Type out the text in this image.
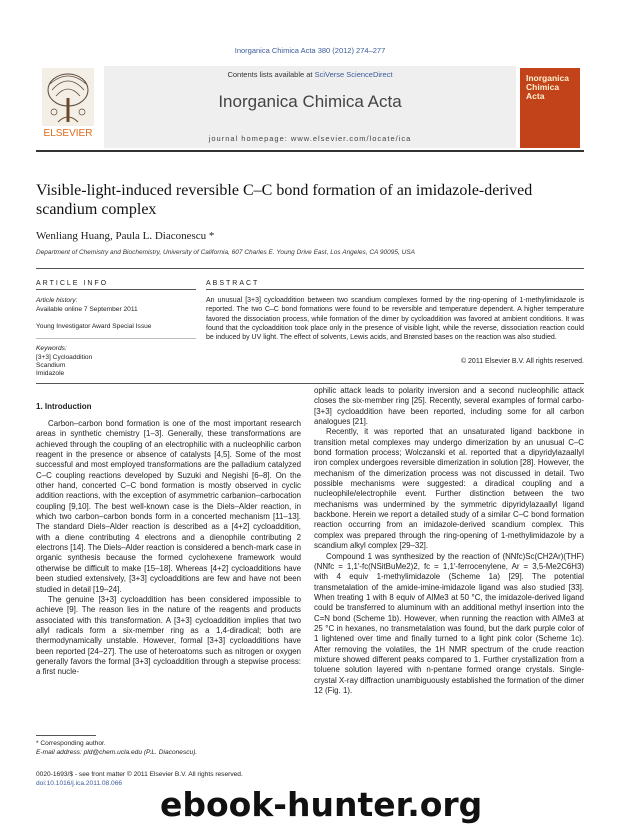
Inorganica Chimica Acta 380 (2012) 274–277
ELSEVIER
Contents lists available at SciVerse ScienceDirect
Inorganica Chimica Acta
journal homepage: www.elsevier.com/locate/ica
Inorganica Chimica Acta
Visible-light-induced reversible C–C bond formation of an imidazole-derived scandium complex
Wenliang Huang, Paula L. Diaconescu *
Department of Chemistry and Biochemistry, University of California, 607 Charles E. Young Drive East, Los Angeles, CA 90095, USA
ARTICLE INFO
Article history:
Available online 7 September 2011
Young Investigator Award Special Issue
Keywords:
[3+3] Cycloaddition
Scandium
Imidazole
ABSTRACT
An unusual [3+3] cycloaddition between two scandium complexes formed by the ring-opening of 1-methylimidazole is reported. The two C–C bond formations were found to be reversible and temperature dependent. A higher temperature favored the dissociation process, while formation of the dimer by cycloaddition was favored at ambient conditions. It was found that the cycloaddition took place only in the presence of visible light, while the reverse, dissociation reaction could be induced by UV light. The effect of solvents, Lewis acids, and Brønsted bases on the reaction was also studied.
© 2011 Elsevier B.V. All rights reserved.
1. Introduction

Carbon–carbon bond formation is one of the most important research areas in synthetic chemistry [1–3]. Generally, these transformations are achieved through the coupling of an electrophilic with a nucleophilic carbon reagent in the presence or absence of catalysts [4,5]. Some of the most successful and most employed transformations are the palladium catalyzed C–C coupling reactions developed by Suzuki and Negishi [6–8]. On the other hand, concerted C–C bond formation is mostly observed in cyclic addition reactions, with the exception of asymmetric carbanion–carbocation coupling [9,10]. The best well-known case is the Diels–Alder reaction, in which two carbon–carbon bonds form in a concerted mechanism [11–13]. The standard Diels–Alder reaction is described as a [4+2] cycloaddition, with a diene contributing 4 electrons and a dienophile contributing 2 electrons [14]. The Diels–Alder reaction is considered a bench-mark case in organic synthesis because the formed cyclohexene framework would otherwise be difficult to make [15–18]. Whereas [4+2] cycloadditions have been studied extensively, [3+3] cycloadditions are few and have not been studied in detail [19–24].

The genuine [3+3] cycloaddition has been considered impossible to achieve [9]. The reason lies in the nature of the reagents and products associated with this transformation. A [3+3] cycloaddition implies that two allyl radicals form a six-member ring as a 1,4-diradical; both are thermodynamically unstable. However, formal [3+3] cycloadditions have been reported [24–27]. The use of heteroatoms such as nitrogen or oxygen generally favors the formal [3+3] cycloaddition through a stepwise process: a first nucle-

ophilic attack leads to polarity inversion and a second nucleophilic attack closes the six-member ring [25]. Recently, several examples of formal carbo-[3+3] cycloaddition have been reported, including some for all carbon analogues [21].

Recently, it was reported that an unsaturated ligand backbone in transition metal complexes may undergo dimerization by an unusual C–C bond formation process; Wolczanski et al. reported that a dipyridylazaallyl iron complex undergoes reversible dimerization in solution [28]. However, the mechanism of the dimerization process was not discussed in detail. Two possible mechanisms were suggested: a diradical coupling and a nucleophile/electrophile event. Further distinction between the two mechanisms was undermined by the symmetric dipyridylazaallyl ligand backbone. Herein we report a detailed study of a similar C–C bond formation reaction occurring from an imidazole-derived scandium complex. This complex was prepared through the ring-opening of 1-methylimidazole by a scandium alkyl complex [29–32].

Compound 1 was synthesized by the reaction of (NNfc)Sc(CH2Ar)(THF) (NNfc = 1,1′-fc(NSitBuMe2)2, fc = 1,1′-ferrocenylene, Ar = 3,5-Me2C6H3) with 4 equiv 1-methylimidazole (Scheme 1a) [29]. The potential transmetalation of the amide-imine-imidazole ligand was also studied [33]. When treating 1 with 8 equiv of AlMe3 at 50 °C, the imidazole-derived ligand could be transferred to aluminum with an additional methyl insertion into the C=N bond (Scheme 1b). However, when running the reaction with AlMe3 at 25 °C in hexanes, no transmetalation was found, but the dark purple color of 1 lightened over time and finally turned to a light pink color (Scheme 1c). After removing the volatiles, the 1H NMR spectrum of the crude reaction mixture showed different peaks compared to 1. Further crystallization from a toluene solution layered with n-pentane formed orange crystals. Single-crystal X-ray diffraction unambiguously established the formation of the dimer 12 (Fig. 1).

* Corresponding author.
E-mail address: pld@chem.ucla.edu (P.L. Diaconescu).
0020-1693/$ - see front matter © 2011 Elsevier B.V. All rights reserved.
doi:10.1016/j.ica.2011.08.066
ebook-hunter.org
